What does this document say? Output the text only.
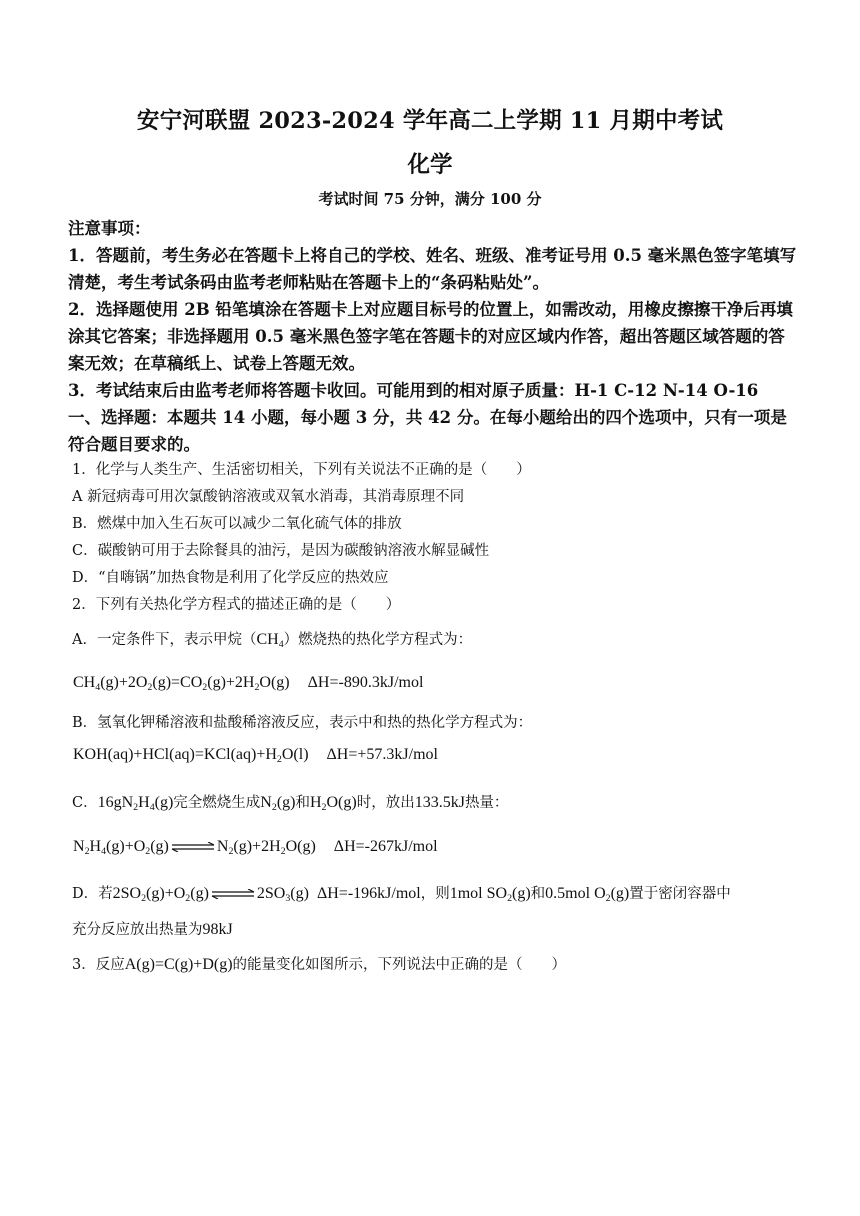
安宁河联盟 2023-2024 学年高二上学期 11 月期中考试
化学
考试时间 75 分钟，满分 100 分

注意事项：

1．答题前，考生务必在答题卡上将自己的学校、姓名、班级、准考证号用 0.5 毫米黑色签字笔填写清楚，考生考试条码由监考老师粘贴在答题卡上的“条码粘贴处”。

2．选择题使用 2B 铅笔填涂在答题卡上对应题目标号的位置上，如需改动，用橡皮擦擦干净后再填涂其它答案；非选择题用 0.5 毫米黑色签字笔在答题卡的对应区域内作答，超出答题区域答题的答案无效；在草稿纸上、试卷上答题无效。

3．考试结束后由监考老师将答题卡收回。可能用到的相对原子质量：H-1 C-12 N-14 O-16

一、选择题：本题共 14 小题，每小题 3 分，共 42 分。在每小题给出的四个选项中，只有一项是符合题目要求的。

1．化学与人类生产、生活密切相关，下列有关说法不正确的是（　　）
A 新冠病毒可用次氯酸钠溶液或双氧水消毒，其消毒原理不同
B．燃煤中加入生石灰可以减少二氧化硫气体的排放
C．碳酸钠可用于去除餐具的油污，是因为碳酸钠溶液水解显碱性
D．“自嗨锅”加热食物是利用了化学反应的热效应
2．下列有关热化学方程式的描述正确的是（　　）
A．一定条件下，表示甲烷$(CH_4)$燃烧热的热化学方程式为：
$CH_4(g)+2O_2(g)=CO_2(g)+2H_2O(g)$ ΔH=-890.3kJ/mol
B．氢氧化钾稀溶液和盐酸稀溶液反应，表示中和热的热化学方程式为：
$KOH(aq)+HCl(aq)=KCl(aq)+H_2O(l)$ ΔH=+57.3kJ/mol
C．$16gN_2H_4(g)$完全燃烧生成$N_2(g)$和$H_2O(g)$时，放出133.5kJ热量：
$N_2H_4(g)+O_2(g)$ ⇌ $N_2(g)+2H_2O(g)$ ΔH=-267kJ/mol
D．若$2SO_2(g)+O_2(g)$ ⇌ $2SO_3(g)$  ΔH=-196kJ/mol，则1mol $SO_2(g)$和0.5mol $O_2(g)$置于密闭容器中
充分反应放出热量为98kJ
3．反应A(g)=C(g)+D(g)的能量变化如图所示，下列说法中正确的是（　　）
